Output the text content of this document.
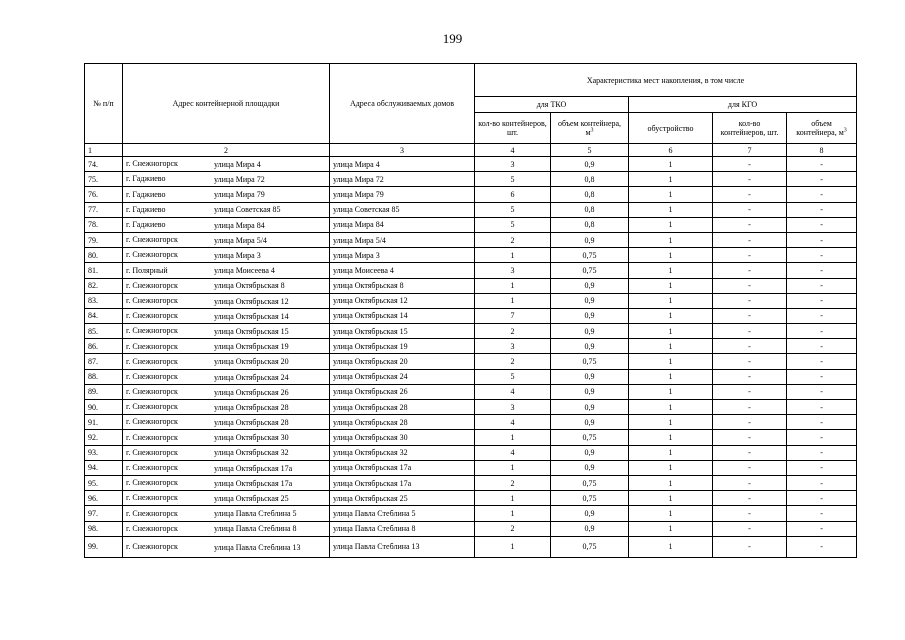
199
№ п/п	Адрес контейнерной площадки	Адреса обслуживаемых домов	Характеристика мест накопления, в том числе				
			для ТКО		для КГО		
			кол-во контейнеров, шт.	объем контейнера, $м^3$	обустройство	кол-во контейнеров, шт.	объем контейнера, $м^3$
1	2	3	4	5	6	7	8
74.	г. Снежногорск улица Мира 4	улица Мира 4	3	0,9	1	-	-
75.	г. Гаджиево улица Мира 72	улица Мира 72	5	0,8	1	-	-
76.	г. Гаджиево улица Мира 79	улица Мира 79	6	0,8	1	-	-
77.	г. Гаджиево улица Советская 85	улица Советская 85	5	0,8	1	-	-
78.	г. Гаджиево улица Мира 84	улица Мира 84	5	0,8	1	-	-
79.	г. Снежногорск улица Мира 5/4	улица Мира 5/4	2	0,9	1	-	-
80.	г. Снежногорск улица Мира 3	улица Мира 3	1	0,75	1	-	-
81.	г. Полярный улица Моисеева 4	улица Моисеева 4	3	0,75	1	-	-
82.	г. Снежногорск улица Октябрьская 8	улица Октябрьская 8	1	0,9	1	-	-
83.	г. Снежногорск улица Октябрьская 12	улица Октябрьская 12	1	0,9	1	-	-
84.	г. Снежногорск улица Октябрьская 14	улица Октябрьская 14	7	0,9	1	-	-
85.	г. Снежногорск улица Октябрьская 15	улица Октябрьская 15	2	0,9	1	-	-
86.	г. Снежногорск улица Октябрьская 19	улица Октябрьская 19	3	0,9	1	-	-
87.	г. Снежногорск улица Октябрьская 20	улица Октябрьская 20	2	0,75	1	-	-
88.	г. Снежногорск улица Октябрьская 24	улица Октябрьская 24	5	0,9	1	-	-
89.	г. Снежногорск улица Октябрьская 26	улица Октябрьская 26	4	0,9	1	-	-
90.	г. Снежногорск улица Октябрьская 28	улица Октябрьская 28	3	0,9	1	-	-
91.	г. Снежногорск улица Октябрьская 28	улица Октябрьская 28	4	0,9	1	-	-
92.	г. Снежногорск улица Октябрьская 30	улица Октябрьская 30	1	0,75	1	-	-
93.	г. Снежногорск улица Октябрьская 32	улица Октябрьская 32	4	0,9	1	-	-
94.	г. Снежногорск улица Октябрьская 17а	улица Октябрьская 17а	1	0,9	1	-	-
95.	г. Снежногорск улица Октябрьская 17а	улица Октябрьская 17а	2	0,75	1	-	-
96.	г. Снежногорск улица Октябрьская 25	улица Октябрьская 25	1	0,75	1	-	-
97.	г. Снежногорск улица Павла Стеблина 5	улица Павла Стеблина 5	1	0,9	1	-	-
98.	г. Снежногорск улица Павла Стеблина 8	улица Павла Стеблина 8	2	0,9	1	-	-
99.	г. Снежногорск улица Павла Стеблина 13	улица Павла Стеблина 13	1	0,75	1	-	-
